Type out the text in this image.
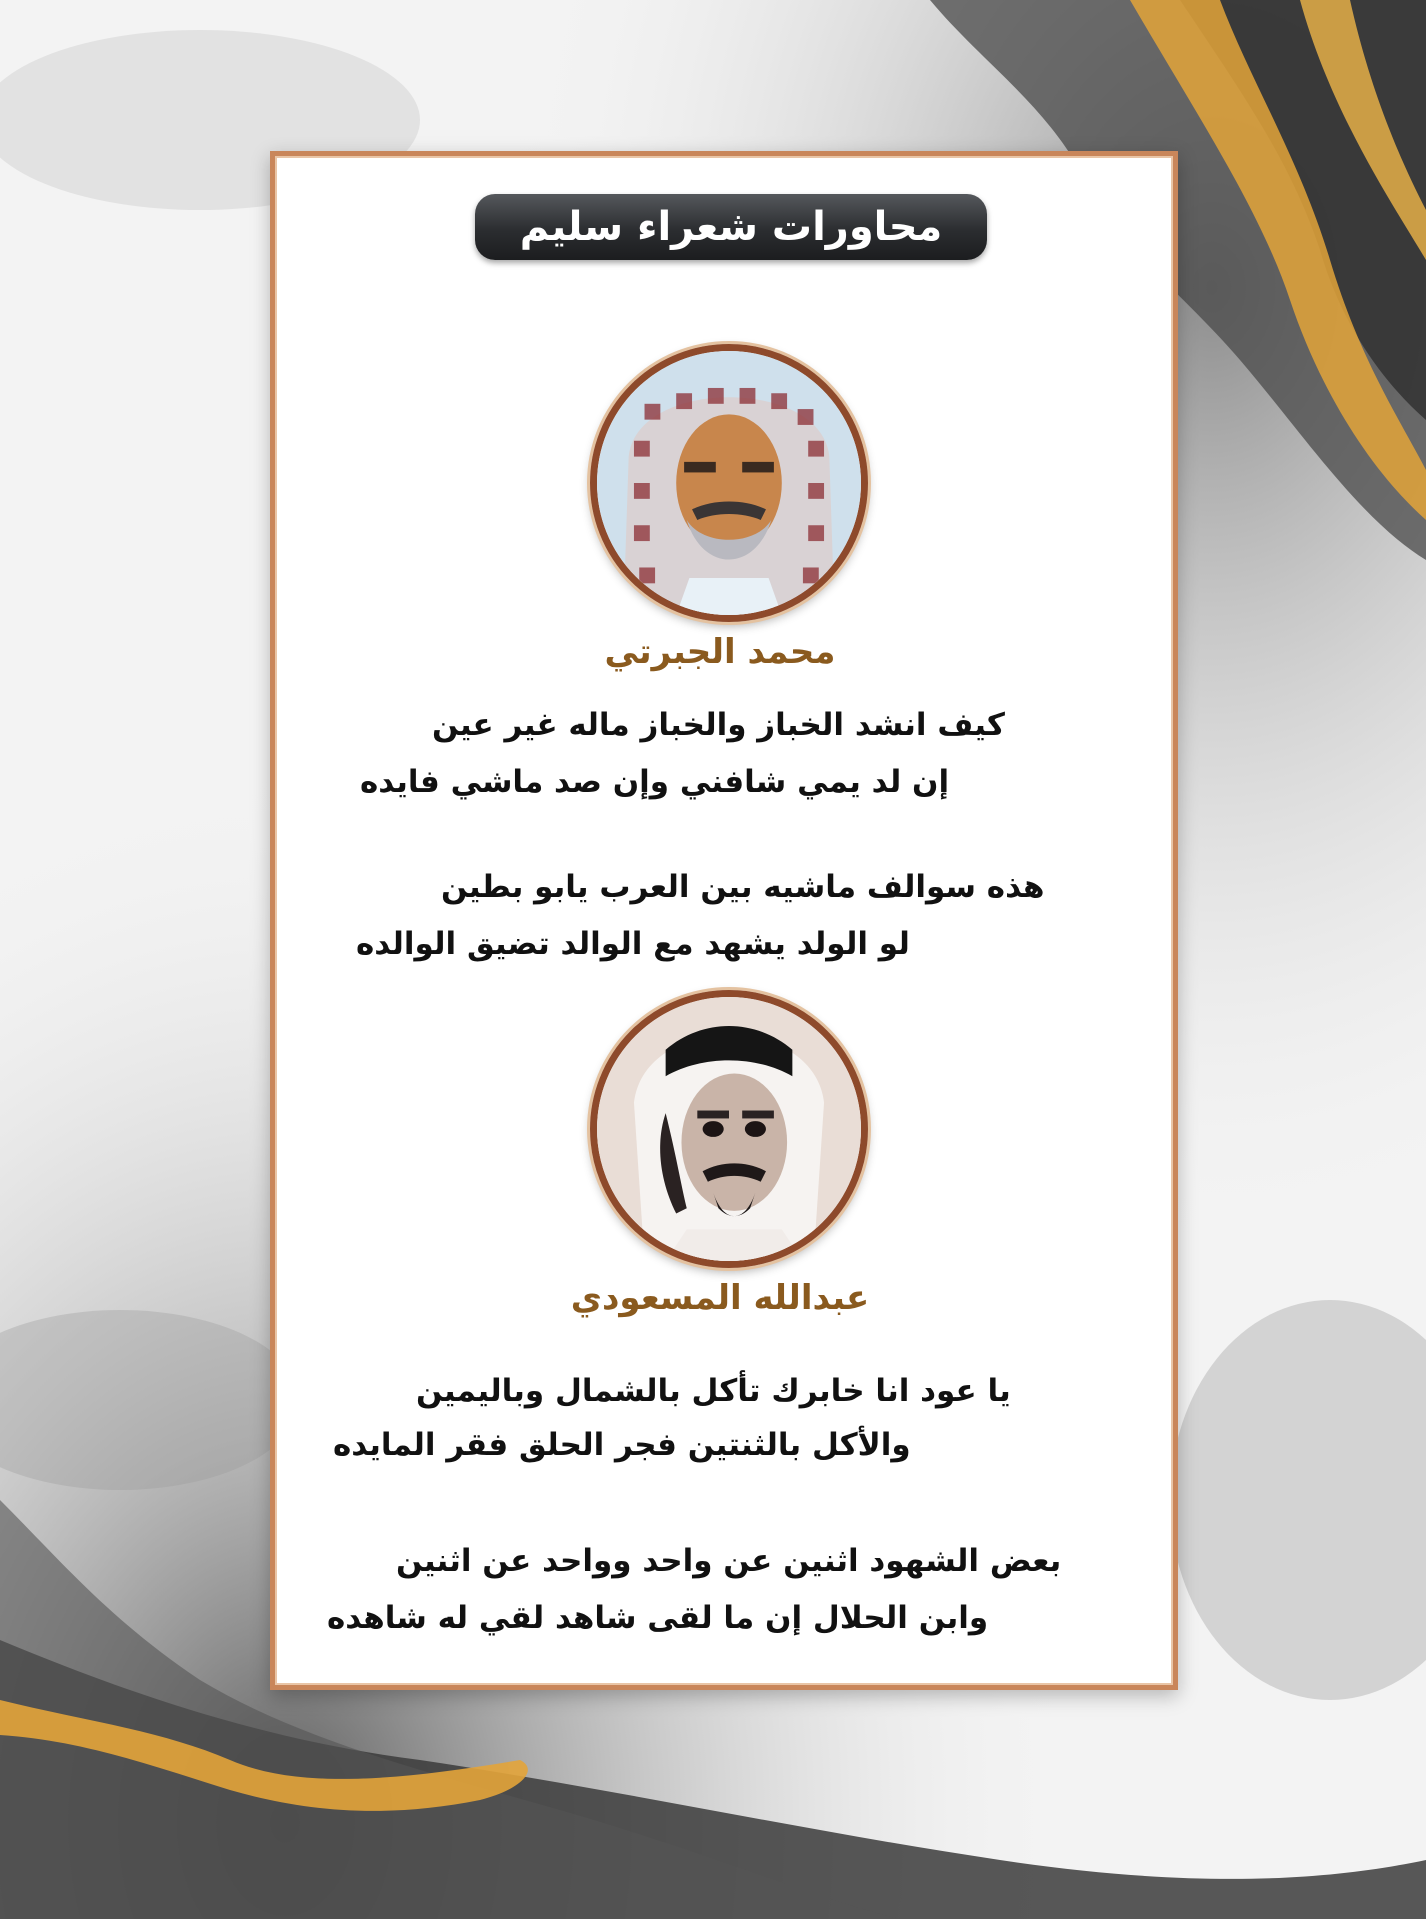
محاورات شعراء سليم
محمد الجبرتي
كيف انشد الخباز والخباز ماله غير عين
إن لد يمي شافني وإن صد ماشي فايده
هذه سوالف ماشيه بين العرب يابو بطين
لو الولد يشهد مع الوالد تضيق الوالده
عبدالله المسعودي
يا عود انا خابرك تأكل بالشمال وباليمين
والأكل بالثنتين فجر الحلق فقر المايده
بعض الشهود اثنين عن واحد وواحد عن اثنين
وابن الحلال إن ما لقى شاهد لقي له شاهده
